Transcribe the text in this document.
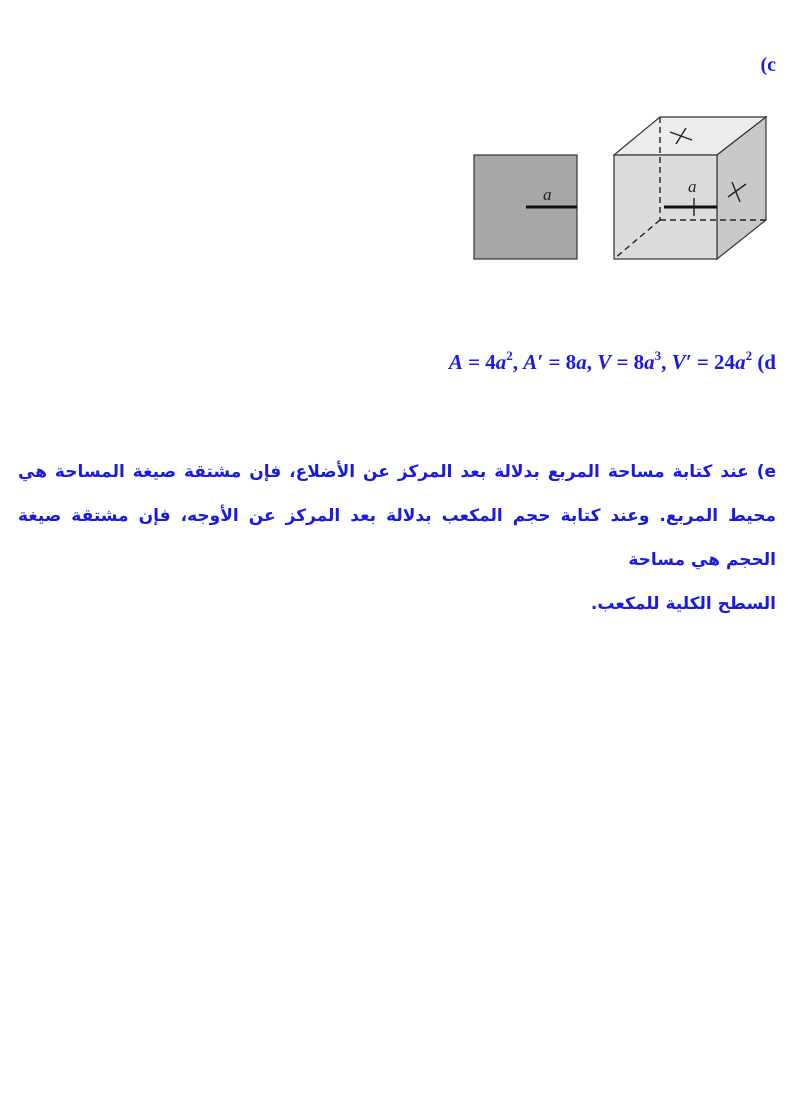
(c
a	a
$A = 4a^2$, A′ = 8a, $V = 8a^3$, $V' = 24a^2$ (d
e) عند كتابة مساحة المربع بدلالة بعد المركز عن الأضلاع، فإن مشتقة صيغة المساحة هي محيط المربع. وعند كتابة حجم المكعب بدلالة بعد المركز عن الأوجه، فإن مشتقة صيغة الحجم هي مساحة
السطح الكلية للمكعب.
